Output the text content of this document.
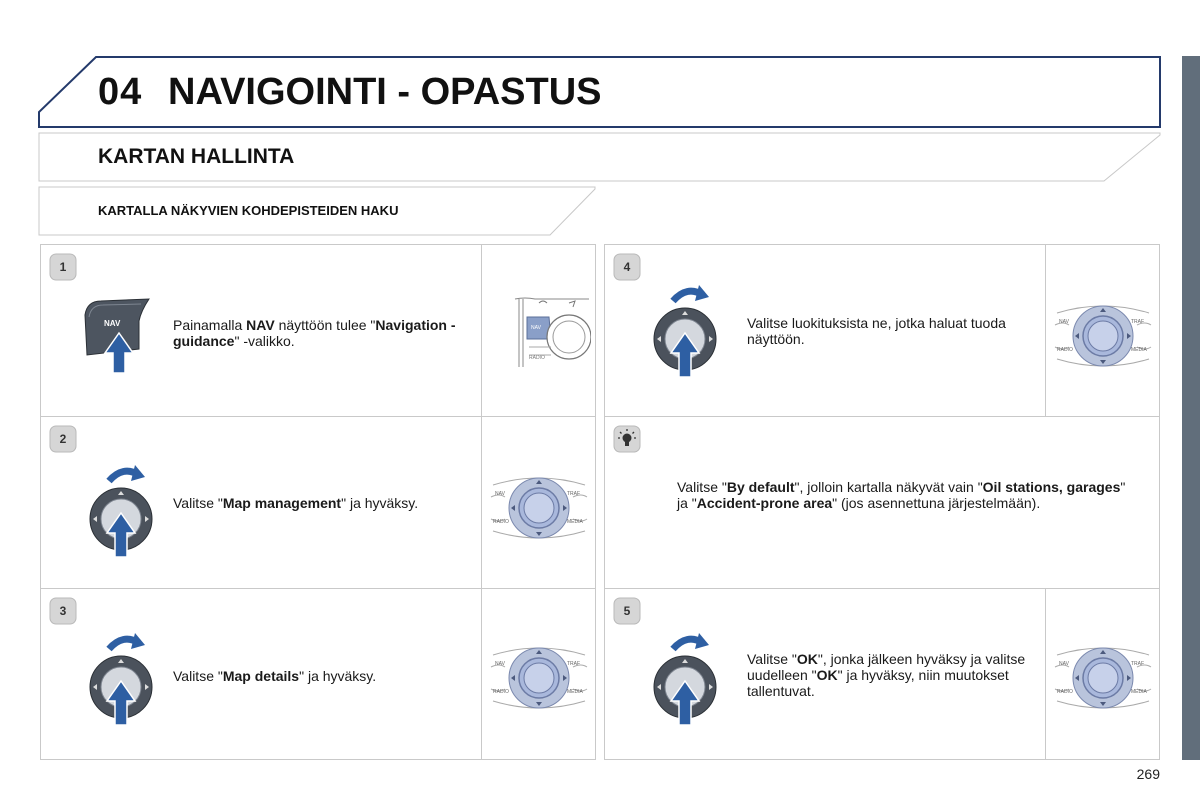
04 NAVIGOINTI - OPASTUS
KARTAN HALLINTA
KARTALLA NÄKYVIEN KOHDEPISTEIDEN HAKU
1
NAV	Painamalla NAV näyttöön tulee "Navigation - guidance" -valikko.
NAV
RADIO
2
Valitse "Map management" ja hyväksy.
NAV	TRAF
RADIO	MEDIA
3
Valitse "Map details" ja hyväksy.
NAV	TRAF
RADIO	MEDIA
4
Valitse luokituksista ne, jotka haluat tuoda näyttöön.
NAV	TRAF
RADIO	MEDIA
Valitse "By default", jolloin kartalla näkyvät vain "Oil stations, garages" ja "Accident-prone area" (jos asennettuna järjestelmään).
5
Valitse "OK", jonka jälkeen hyväksy ja valitse uudelleen "OK" ja hyväksy, niin muutokset tallentuvat.
NAV	TRAF
RADIO	MEDIA
269
